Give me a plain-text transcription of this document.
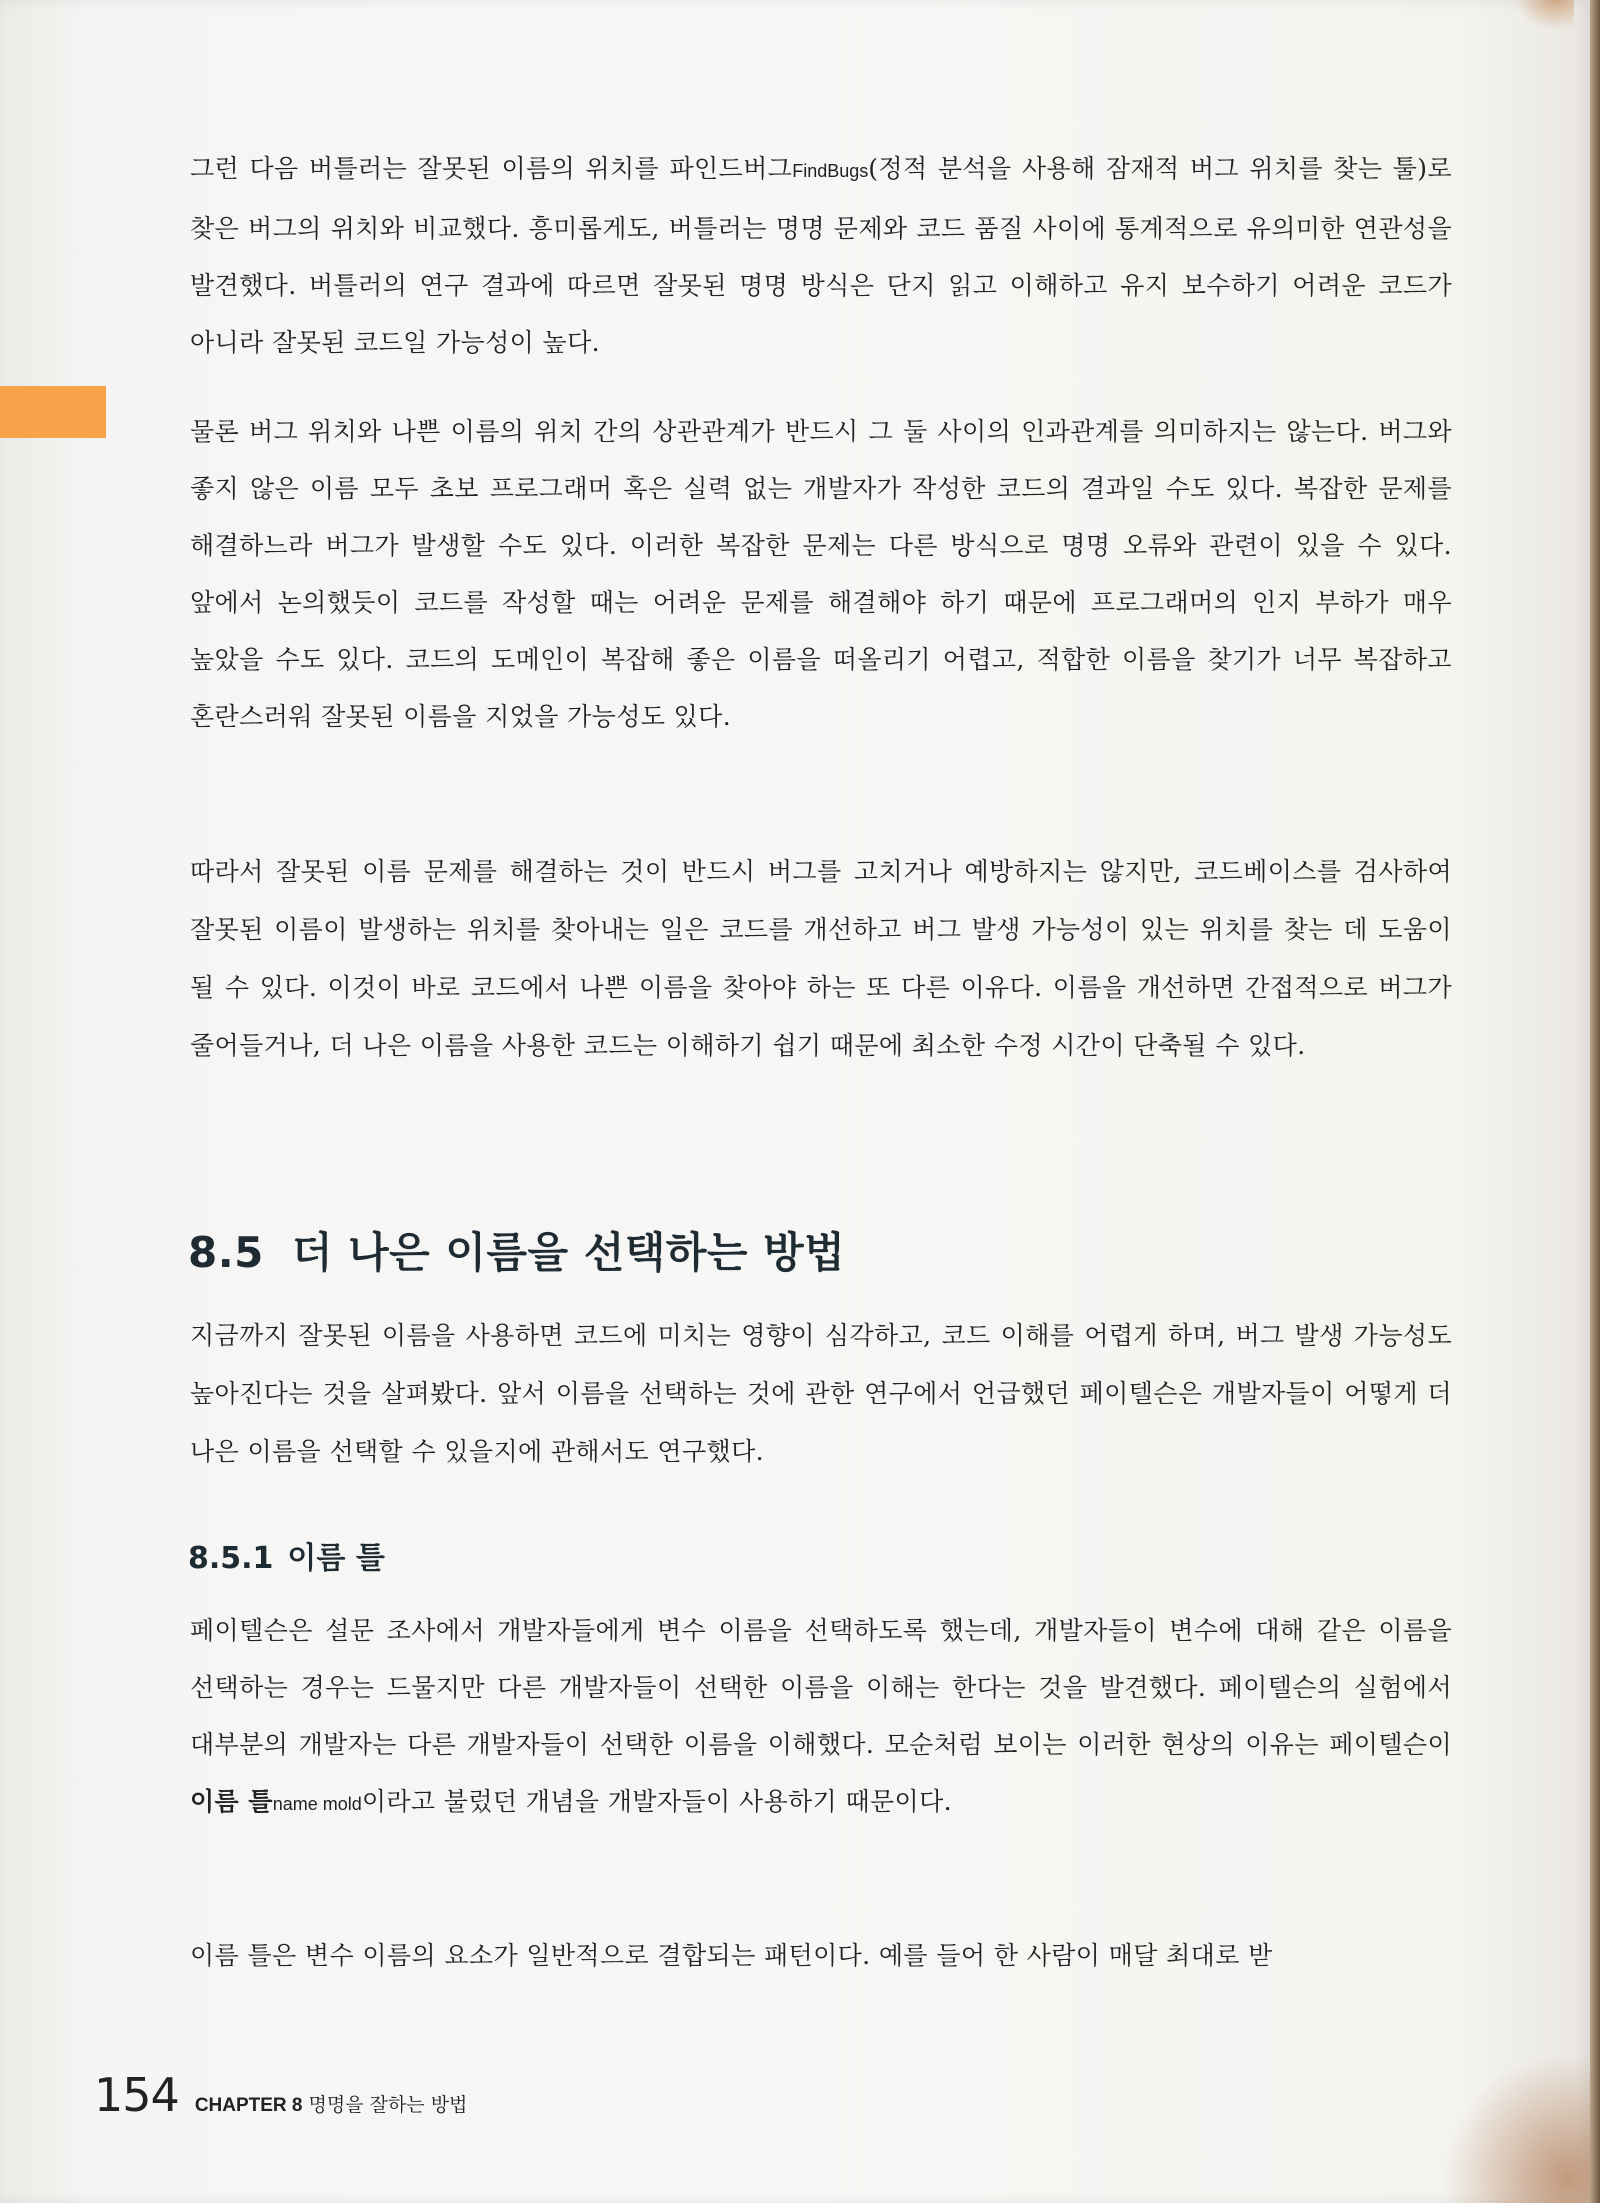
그런 다음 버틀러는 잘못된 이름의 위치를 파인드버그FindBugs(정적 분석을 사용해 잠재적 버그 위치를 찾는 툴)로 찾은 버그의 위치와 비교했다. 흥미롭게도, 버틀러는 명명 문제와 코드 품질 사이에 통계적으로 유의미한 연관성을 발견했다. 버틀러의 연구 결과에 따르면 잘못된 명명 방식은 단지 읽고 이해하고 유지 보수하기 어려운 코드가 아니라 잘못된 코드일 가능성이 높다.

물론 버그 위치와 나쁜 이름의 위치 간의 상관관계가 반드시 그 둘 사이의 인과관계를 의미하지는 않는다. 버그와 좋지 않은 이름 모두 초보 프로그래머 혹은 실력 없는 개발자가 작성한 코드의 결과일 수도 있다. 복잡한 문제를 해결하느라 버그가 발생할 수도 있다. 이러한 복잡한 문제는 다른 방식으로 명명 오류와 관련이 있을 수 있다. 앞에서 논의했듯이 코드를 작성할 때는 어려운 문제를 해결해야 하기 때문에 프로그래머의 인지 부하가 매우 높았을 수도 있다. 코드의 도메인이 복잡해 좋은 이름을 떠올리기 어렵고, 적합한 이름을 찾기가 너무 복잡하고 혼란스러워 잘못된 이름을 지었을 가능성도 있다.

따라서 잘못된 이름 문제를 해결하는 것이 반드시 버그를 고치거나 예방하지는 않지만, 코드베이스를 검사하여 잘못된 이름이 발생하는 위치를 찾아내는 일은 코드를 개선하고 버그 발생 가능성이 있는 위치를 찾는 데 도움이 될 수 있다. 이것이 바로 코드에서 나쁜 이름을 찾아야 하는 또 다른 이유다. 이름을 개선하면 간접적으로 버그가 줄어들거나, 더 나은 이름을 사용한 코드는 이해하기 쉽기 때문에 최소한 수정 시간이 단축될 수 있다.

8.5 더 나은 이름을 선택하는 방법

지금까지 잘못된 이름을 사용하면 코드에 미치는 영향이 심각하고, 코드 이해를 어렵게 하며, 버그 발생 가능성도 높아진다는 것을 살펴봤다. 앞서 이름을 선택하는 것에 관한 연구에서 언급했던 페이텔슨은 개발자들이 어떻게 더 나은 이름을 선택할 수 있을지에 관해서도 연구했다.

8.5.1 이름 틀

페이텔슨은 설문 조사에서 개발자들에게 변수 이름을 선택하도록 했는데, 개발자들이 변수에 대해 같은 이름을 선택하는 경우는 드물지만 다른 개발자들이 선택한 이름을 이해는 한다는 것을 발견했다. 페이텔슨의 실험에서 대부분의 개발자는 다른 개발자들이 선택한 이름을 이해했다. 모순처럼 보이는 이러한 현상의 이유는 페이텔슨이 이름 틀name mold이라고 불렀던 개념을 개발자들이 사용하기 때문이다.

이름 틀은 변수 이름의 요소가 일반적으로 결합되는 패턴이다. 예를 들어 한 사람이 매달 최대로 받

154 CHAPTER 8 명명을 잘하는 방법
